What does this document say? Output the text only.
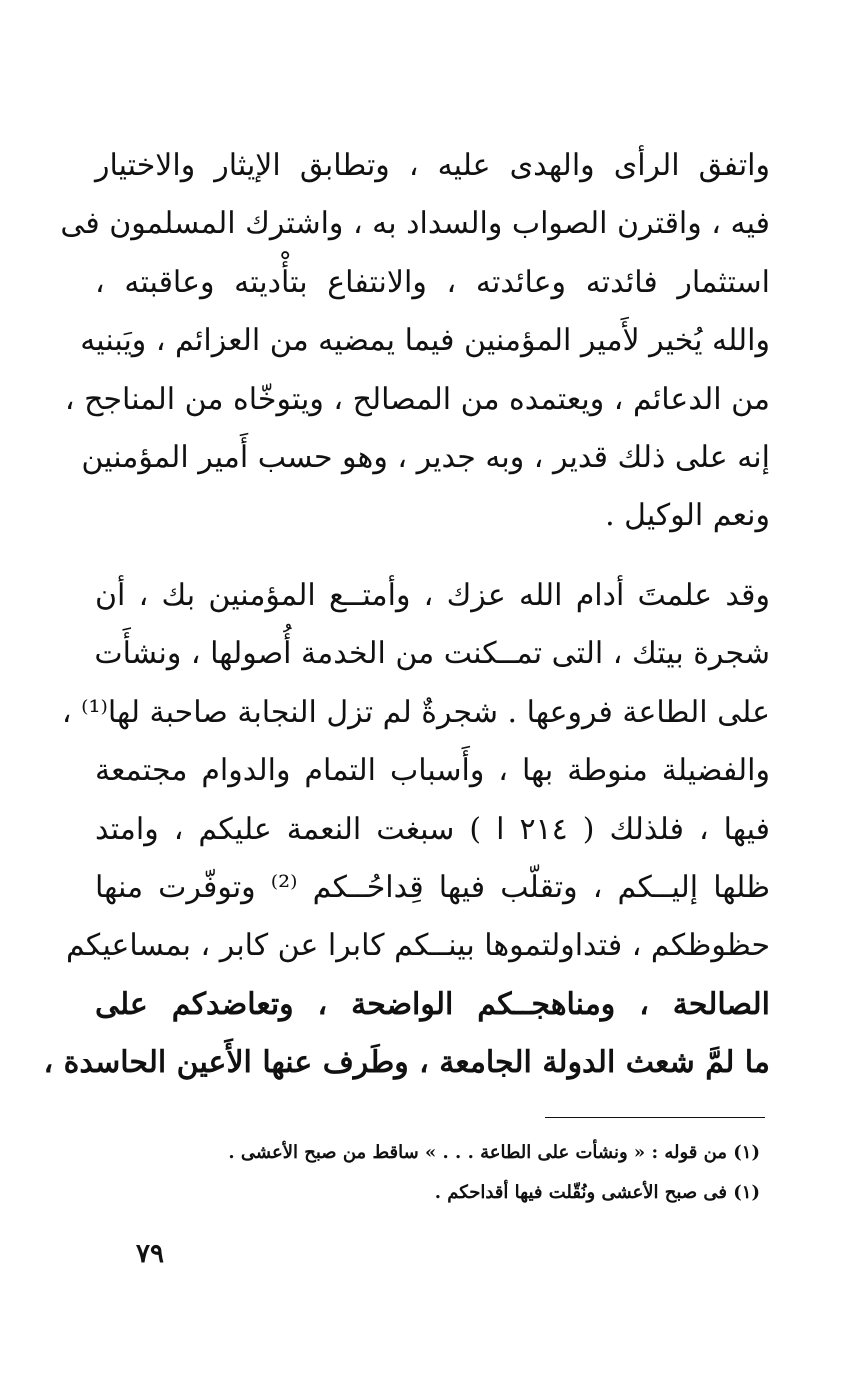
واتفق الرأى والهدى عليه ، وتطابق الإيثار والاختيار
فيه ، واقترن الصواب والسداد به ، واشترك المسلمون فى
استثمار فائدته وعائدته ، والانتفاع بتأْديته وعاقبته ،
والله يُخير لأَمير المؤمنين فيما يمضيه من العزائم ، ويَبنيه
من الدعائم ، ويعتمده من المصالح ، ويتوخّاه من المناجح ،
إنه على ذلك قدير ، وبه جدير ، وهو حسب أَمير المؤمنين
ونعم الوكيل .
وقد علمتَ أدام الله عزك ، وأمتــع المؤمنين بك ، أن
شجرة بيتك ، التى تمــكنت من الخدمة أُصولها ، ونشأَت
على الطاعة فروعها . شجرةٌ لم تزل النجابة صاحبة لها⁽¹⁾ ،
والفضيلة منوطة بها ، وأَسباب التمام والدوام مجتمعة
فيها ، فلذلك ( ٢١٤ ا ) سبغت النعمة عليكم ، وامتد
ظلها إليــكم ، وتقلّب فيها قِداحُــكم ⁽²⁾ وتوفّرت منها
حظوظكم ، فتداولتموها بينــكم كابرا عن كابر ، بمساعيكم
الصالحة ، ومناهجــكم الواضحة ، وتعاضدكم على
ما لمَّ شعث الدولة الجامعة ، وطَرف عنها الأَعين الحاسدة ،
(١) من قوله : « ونشأت على الطاعة . . . » ساقط من صبح الأعشى .
(١) فى صبح الأعشى ونُقّلت فيها أقداحكم .
٧٩
